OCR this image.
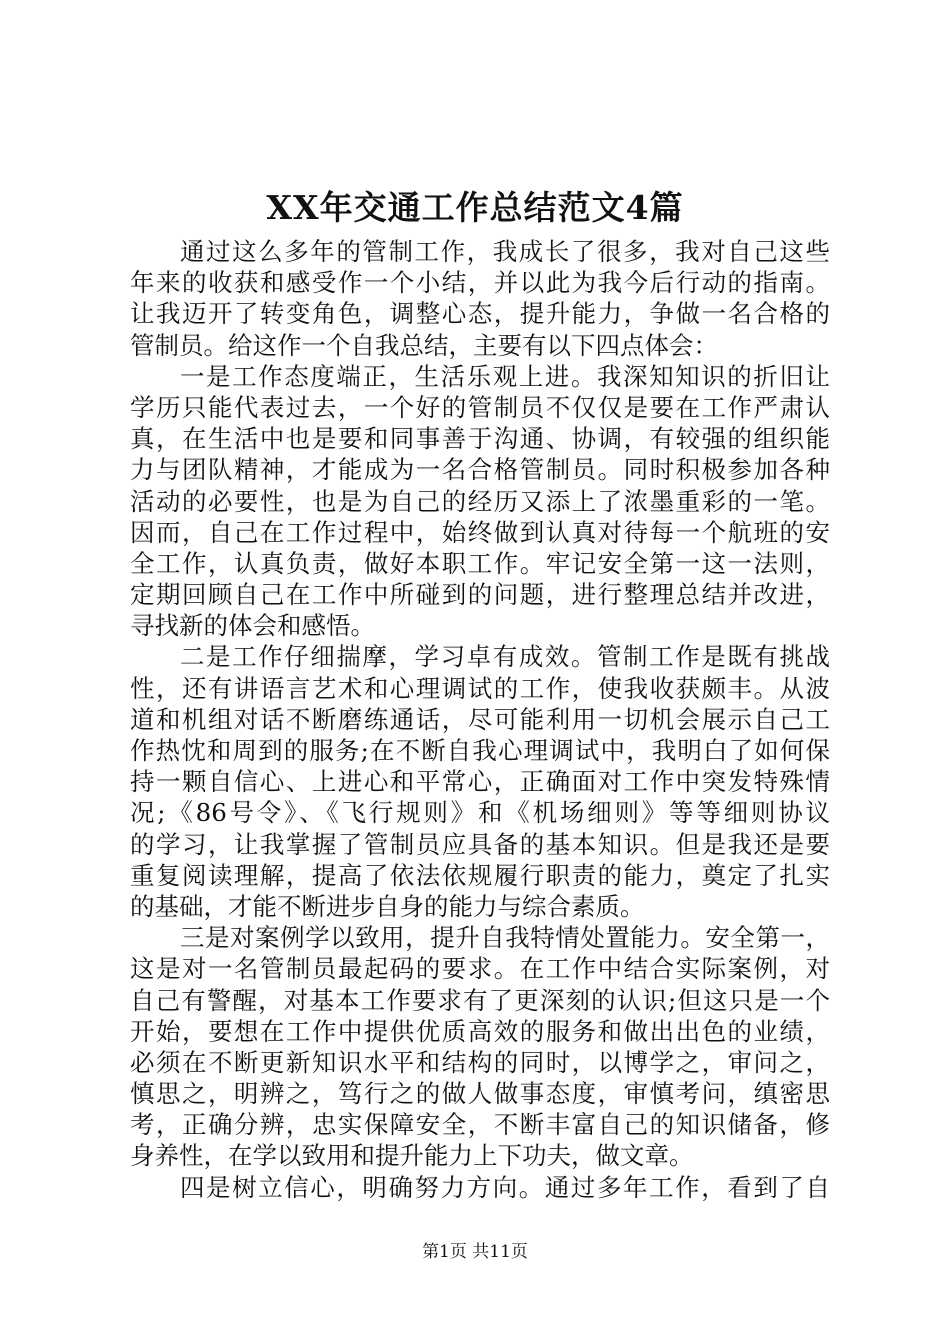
XX年交通工作总结范文4篇
通过这么多年的管制工作，我成长了很多，我对自己这些
年来的收获和感受作一个小结，并以此为我今后行动的指南。
让我迈开了转变角色，调整心态，提升能力，争做一名合格的
管制员。给这作一个自我总结，主要有以下四点体会：
一是工作态度端正，生活乐观上进。我深知知识的折旧让
学历只能代表过去，一个好的管制员不仅仅是要在工作严肃认
真，在生活中也是要和同事善于沟通、协调，有较强的组织能
力与团队精神，才能成为一名合格管制员。同时积极参加各种
活动的必要性，也是为自己的经历又添上了浓墨重彩的一笔。
因而，自己在工作过程中，始终做到认真对待每一个航班的安
全工作，认真负责，做好本职工作。牢记安全第一这一法则，
定期回顾自己在工作中所碰到的问题，进行整理总结并改进，
寻找新的体会和感悟。
二是工作仔细揣摩，学习卓有成效。管制工作是既有挑战
性，还有讲语言艺术和心理调试的工作，使我收获颇丰。从波
道和机组对话不断磨练通话，尽可能利用一切机会展示自己工
作热忱和周到的服务;在不断自我心理调试中，我明白了如何保
持一颗自信心、上进心和平常心，正确面对工作中突发特殊情
况;《86号令》、《飞行规则》和《机场细则》等等细则协议
的学习，让我掌握了管制员应具备的基本知识。但是我还是要
重复阅读理解，提高了依法依规履行职责的能力，奠定了扎实
的基础，才能不断进步自身的能力与综合素质。
三是对案例学以致用，提升自我特情处置能力。安全第一，
这是对一名管制员最起码的要求。在工作中结合实际案例，对
自己有警醒，对基本工作要求有了更深刻的认识;但这只是一个
开始，要想在工作中提供优质高效的服务和做出出色的业绩，
必须在不断更新知识水平和结构的同时，以博学之，审问之，
慎思之，明辨之，笃行之的做人做事态度，审慎考问，缜密思
考，正确分辨，忠实保障安全，不断丰富自己的知识储备，修
身养性，在学以致用和提升能力上下功夫，做文章。
四是树立信心，明确努力方向。通过多年工作，看到了自
第1页 共11页
